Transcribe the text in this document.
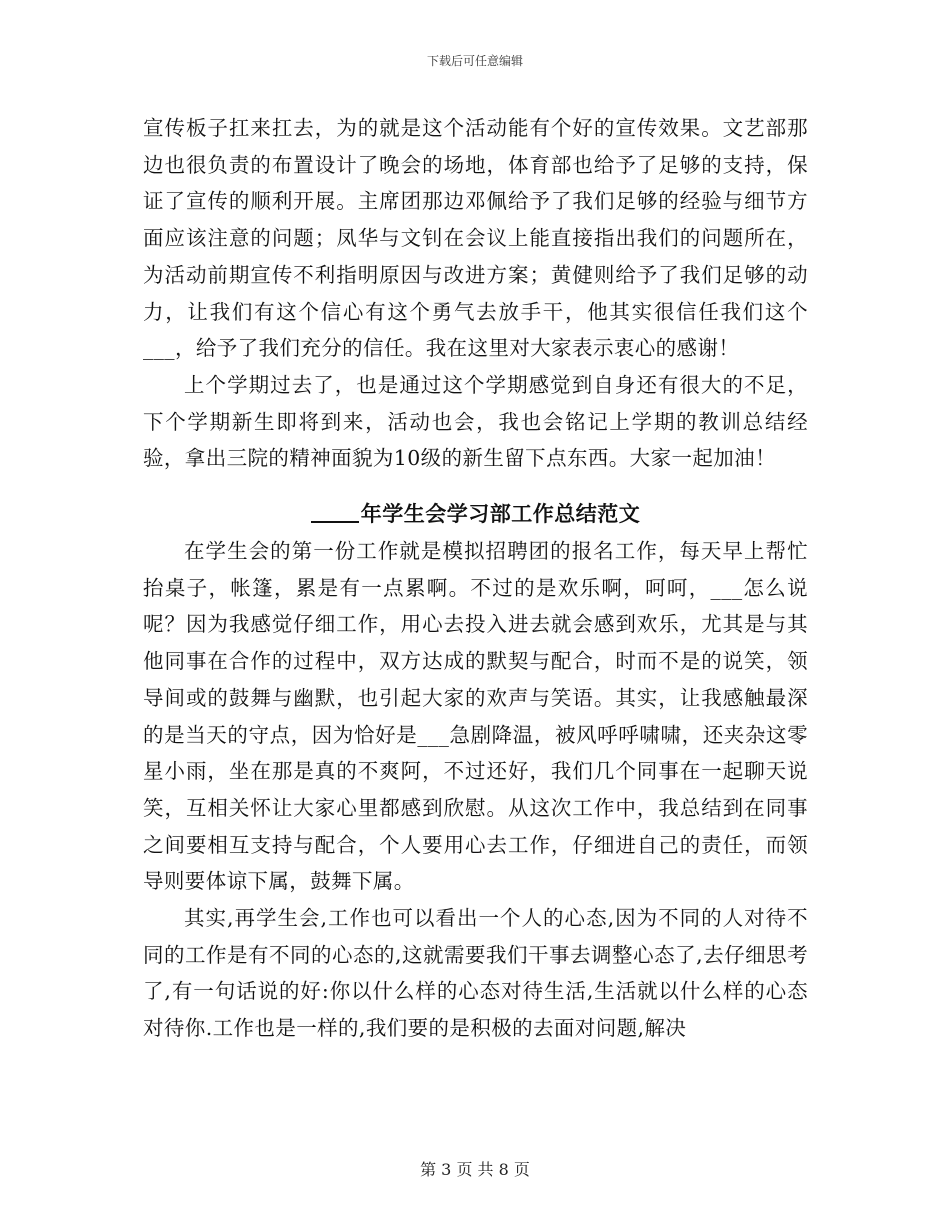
下载后可任意编辑

宣传板子扛来扛去，为的就是这个活动能有个好的宣传效果。文艺部那边也很负责的布置设计了晚会的场地，体育部也给予了足够的支持，保证了宣传的顺利开展。主席团那边邓佩给予了我们足够的经验与细节方面应该注意的问题；凤华与文钊在会议上能直接指出我们的问题所在，为活动前期宣传不利指明原因与改进方案；黄健则给予了我们足够的动力，让我们有这个信心有这个勇气去放手干，他其实很信任我们这个___，给予了我们充分的信任。我在这里对大家表示衷心的感谢！

上个学期过去了，也是通过这个学期感觉到自身还有很大的不足，下个学期新生即将到来，活动也会，我也会铭记上学期的教训总结经验，拿出三院的精神面貌为10级的新生留下点东西。大家一起加油！

年学生会学习部工作总结范文

在学生会的第一份工作就是模拟招聘团的报名工作，每天早上帮忙抬桌子，帐篷，累是有一点累啊。不过的是欢乐啊，呵呵，___怎么说呢？因为我感觉仔细工作，用心去投入进去就会感到欢乐，尤其是与其他同事在合作的过程中，双方达成的默契与配合，时而不是的说笑，领导间或的鼓舞与幽默，也引起大家的欢声与笑语。其实，让我感触最深的是当天的守点，因为恰好是___急剧降温，被风呼呼啸啸，还夹杂这零星小雨，坐在那是真的不爽阿，不过还好，我们几个同事在一起聊天说笑，互相关怀让大家心里都感到欣慰。从这次工作中，我总结到在同事之间要相互支持与配合，个人要用心去工作，仔细进自己的责任，而领导则要体谅下属，鼓舞下属。

其实,再学生会,工作也可以看出一个人的心态,因为不同的人对待不同的工作是有不同的心态的,这就需要我们干事去调整心态了,去仔细思考了,有一句话说的好:你以什么样的心态对待生活,生活就以什么样的心态对待你.工作也是一样的,我们要的是积极的去面对问题,解决

第 3 页 共 8 页
